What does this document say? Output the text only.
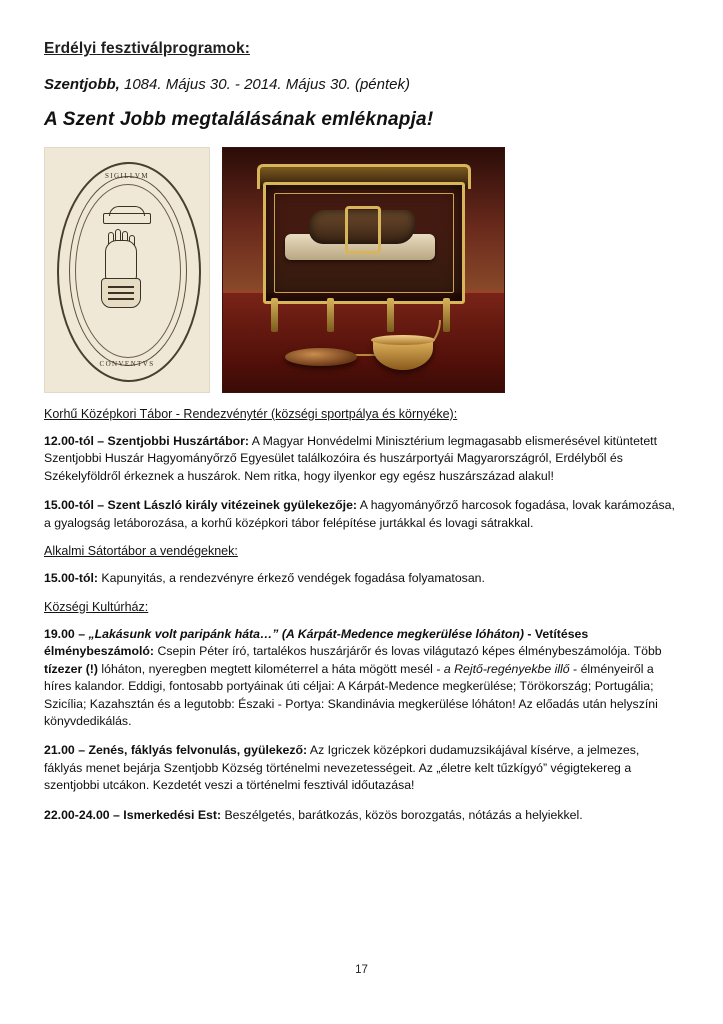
Erdélyi fesztiválprogramok:
Szentjobb, 1084. Május 30. - 2014. Május 30. (péntek)
A Szent Jobb megtalálásának emléknapja!
SIGILLVM
CONVENTVS
Korhű Középkori Tábor - Rendezvénytér (községi sportpálya és környéke):

12.00-tól – Szentjobbi Huszártábor: A Magyar Honvédelmi Minisztérium legmagasabb elismerésével kitüntetett Szentjobbi Huszár Hagyományőrző Egyesület találkozóira és huszárportyái Magyarországról, Erdélyből és Székelyföldről érkeznek a huszárok. Nem ritka, hogy ilyenkor egy egész huszárszázad alakul!

15.00-tól – Szent László király vitézeinek gyülekezője: A hagyományőrző harcosok fogadása, lovak karámozása, a gyalogság letáborozása, a korhű középkori tábor felépítése jurtákkal és lovagi sátrakkal.

Alkalmi Sátortábor a vendégeknek:

15.00-tól: Kapunyitás, a rendezvényre érkező vendégek fogadása folyamatosan.

Községi Kultúrház:

19.00 – „Lakásunk volt paripánk háta…” (A Kárpát-Medence megkerülése lóháton) - Vetítéses élménybeszámoló: Csepin Péter író, tartalékos huszárjárőr és lovas világutazó képes élménybeszámolója. Több tízezer (!) lóháton, nyeregben megtett kilométerrel a háta mögött mesél - a Rejtő-regényekbe illő - élményeiről a híres kalandor. Eddigi, fontosabb portyáinak úti céljai: A Kárpát-Medence megkerülése; Törökország; Portugália; Szicília; Kazahsztán és a legutobb: Északi - Portya: Skandinávia megkerülése lóháton! Az előadás után helyszíni könyvdedikálás.

21.00 – Zenés, fáklyás felvonulás, gyülekező: Az Igriczek középkori dudamuzsikájával kísérve, a jelmezes, fáklyás menet bejárja Szentjobb Község történelmi nevezetességeit. Az „életre kelt tűzkígyó” végigtekereg a szentjobbi utcákon. Kezdetét veszi a történelmi fesztivál időutazása!

22.00-24.00 – Ismerkedési Est: Beszélgetés, barátkozás, közös borozgatás, nótázás a helyiekkel.

17
